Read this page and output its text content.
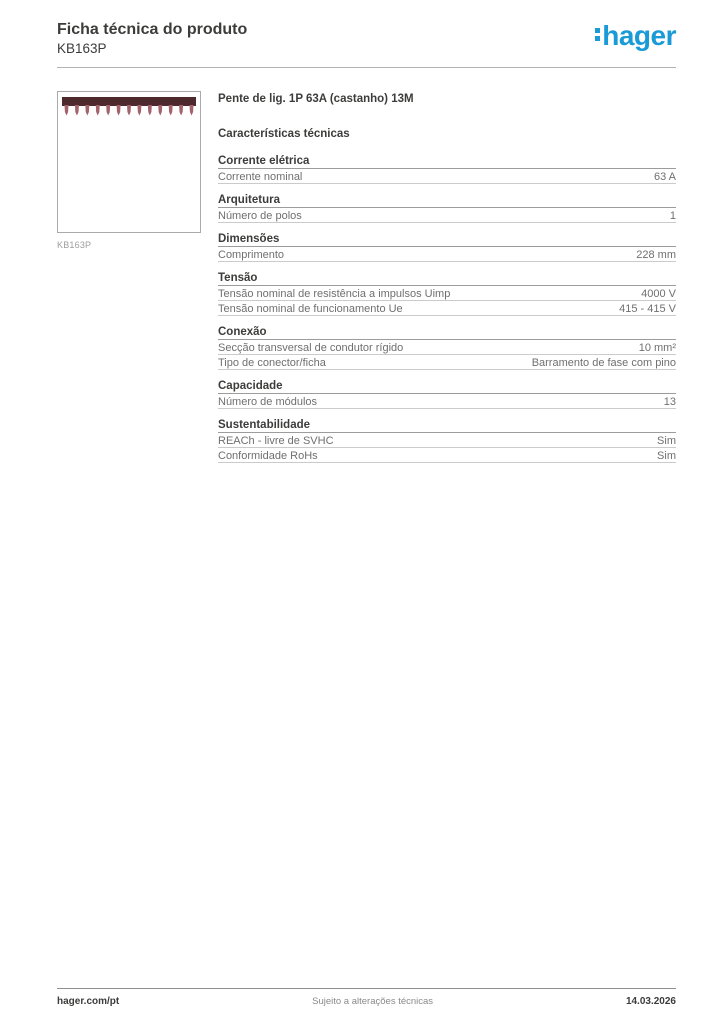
Ficha técnica do produto
KB163P	hager
KB163P
Pente de lig. 1P 63A (castanho) 13M
Características técnicas
Corrente elétrica
Corrente nominal	63 A
Arquitetura
Número de polos	1
Dimensões
Comprimento	228 mm
Tensão
Tensão nominal de resistência a impulsos Uimp	4000 V
Tensão nominal de funcionamento Ue	415 - 415 V
Conexão
Secção transversal de condutor rígido	10 mm²
Tipo de conector/ficha	Barramento de fase com pino
Capacidade
Número de módulos	13
Sustentabilidade
REACh - livre de SVHC	Sim
Conformidade RoHs	Sim
hager.com/pt	Sujeito a alterações técnicas	14.03.2026
